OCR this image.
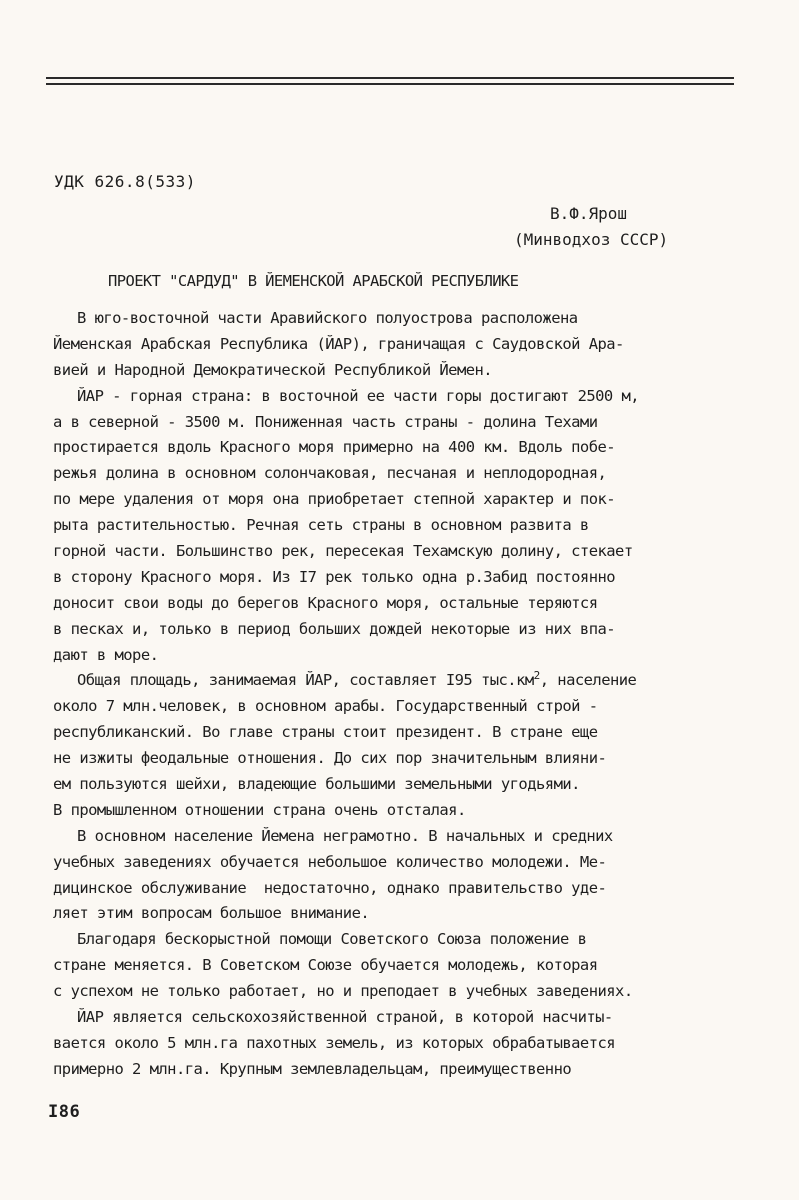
УДК 626.8(533)
В.Ф.Ярош
(Минводхоз СССР)
ПРОЕКТ "САРДУД" В ЙЕМЕНСКОЙ АРАБСКОЙ РЕСПУБЛИКЕ
В юго-восточной части Аравийского полуострова расположена
Йеменская Арабская Республика (ЙАР), граничащая с Саудовской Ара-
вией и Народной Демократической Республикой Йемен.
ЙАР - горная страна: в восточной ее части горы достигают 2500 м,
а в северной - 3500 м. Пониженная часть страны - долина Техами
простирается вдоль Красного моря примерно на 400 км. Вдоль побе-
режья долина в основном солончаковая, песчаная и неплодородная,
по мере удаления от моря она приобретает степной характер и пок-
рыта растительностью. Речная сеть страны в основном развита в
горной части. Большинство рек, пересекая Техамскую долину, стекает
в сторону Красного моря. Из I7 рек только одна р.Забид постоянно
доносит свои воды до берегов Красного моря, остальные теряются
в песках и, только в период больших дождей некоторые из них впа-
дают в море.
Общая площадь, занимаемая ЙАР, составляет I95 $тыс.км^2$, население
около 7 млн.человек, в основном арабы. Государственный строй -
республиканский. Во главе страны стоит президент. В стране еще
не изжиты феодальные отношения. До сих пор значительным влияни-
ем пользуются шейхи, владеющие большими земельными угодьями.
В промышленном отношении страна очень отсталая.
В основном население Йемена неграмотно. В начальных и средних
учебных заведениях обучается небольшое количество молодежи. Ме-
дицинское обслуживание  недостаточно, однако правительство уде-
ляет этим вопросам большое внимание.
Благодаря бескорыстной помощи Советского Союза положение в
стране меняется. В Советском Союзе обучается молодежь, которая
с успехом не только работает, но и преподает в учебных заведениях.
ЙАР является сельскохозяйственной страной, в которой насчиты-
вается около 5 млн.га пахотных земель, из которых обрабатывается
примерно 2 млн.га. Крупным землевладельцам, преимущественно
I86
